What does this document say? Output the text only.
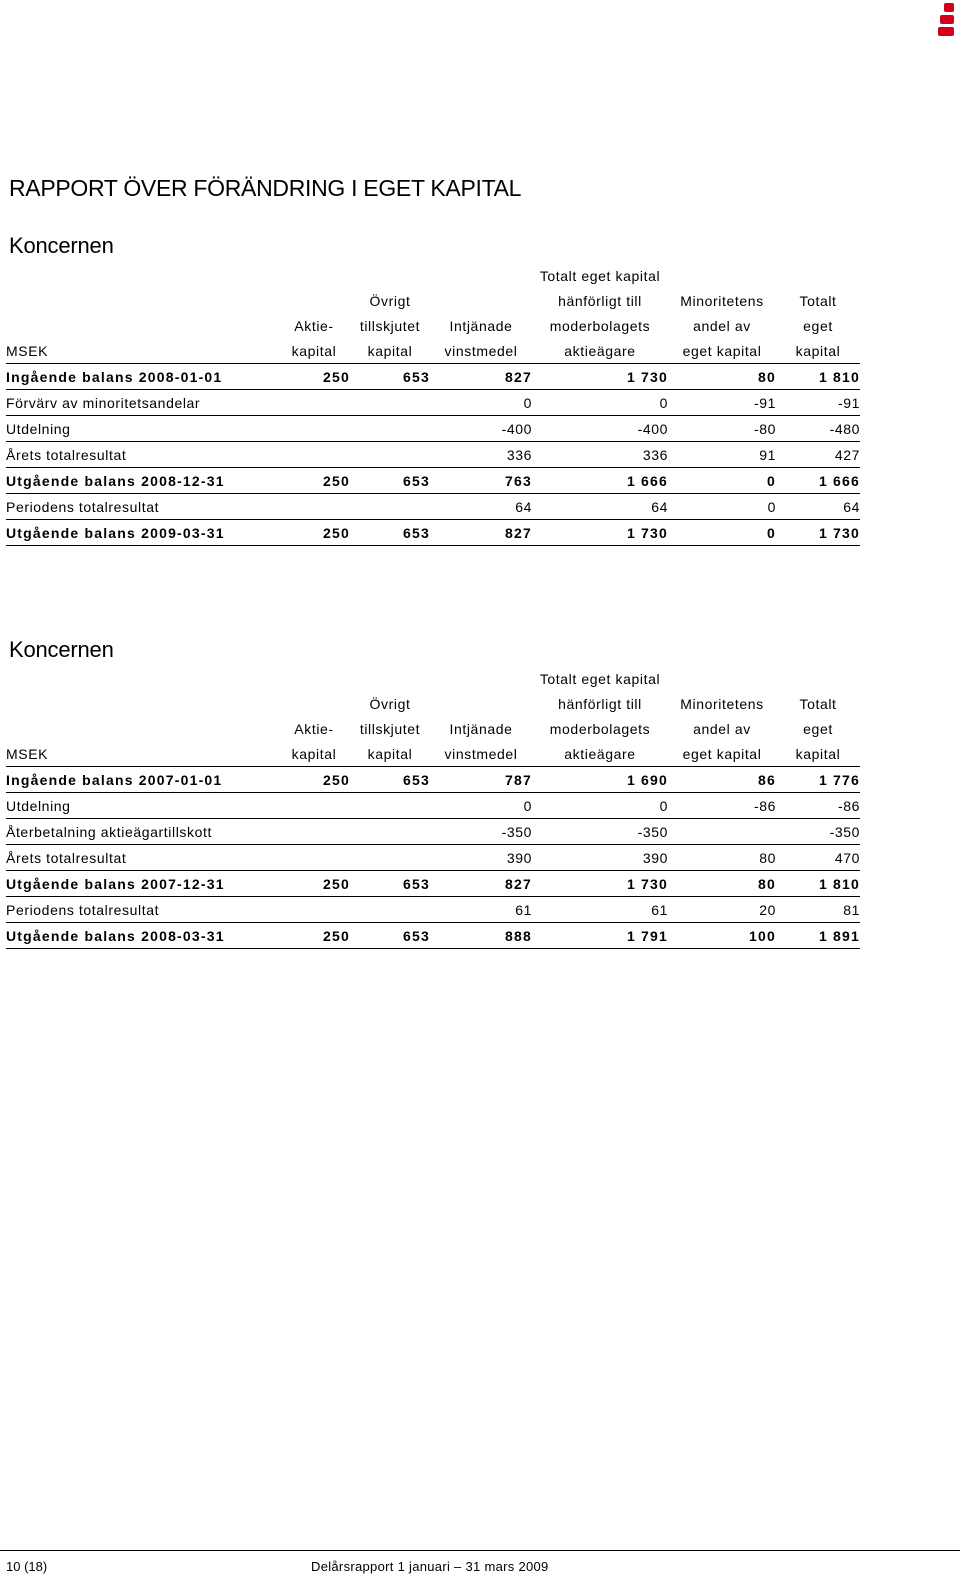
RAPPORT ÖVER FÖRÄNDRING I EGET KAPITAL
Koncernen
				Totalt eget kapital		
		Övrigt		hänförligt till	Minoritetens	Totalt
	Aktie-	tillskjutet	Intjänade	moderbolagets	andel av	eget
MSEK	kapital	kapital	vinstmedel	aktieägare	eget kapital	kapital
Ingående balans 2008-01-01	250	653	827	1 730	80	1 810
Förvärv av minoritetsandelar			0	0	-91	-91
Utdelning			-400	-400	-80	-480
Årets totalresultat			336	336	91	427
Utgående balans 2008-12-31	250	653	763	1 666	0	1 666
Periodens totalresultat			64	64	0	64
Utgående balans 2009-03-31	250	653	827	1 730	0	1 730
Koncernen
				Totalt eget kapital		
		Övrigt		hänförligt till	Minoritetens	Totalt
	Aktie-	tillskjutet	Intjänade	moderbolagets	andel av	eget
MSEK	kapital	kapital	vinstmedel	aktieägare	eget kapital	kapital
Ingående balans 2007-01-01	250	653	787	1 690	86	1 776
Utdelning			0	0	-86	-86
Återbetalning aktieägartillskott			-350	-350		-350
Årets totalresultat			390	390	80	470
Utgående balans 2007-12-31	250	653	827	1 730	80	1 810
Periodens totalresultat			61	61	20	81
Utgående balans 2008-03-31	250	653	888	1 791	100	1 891
10 (18)	Delårsrapport 1 januari – 31 mars 2009
